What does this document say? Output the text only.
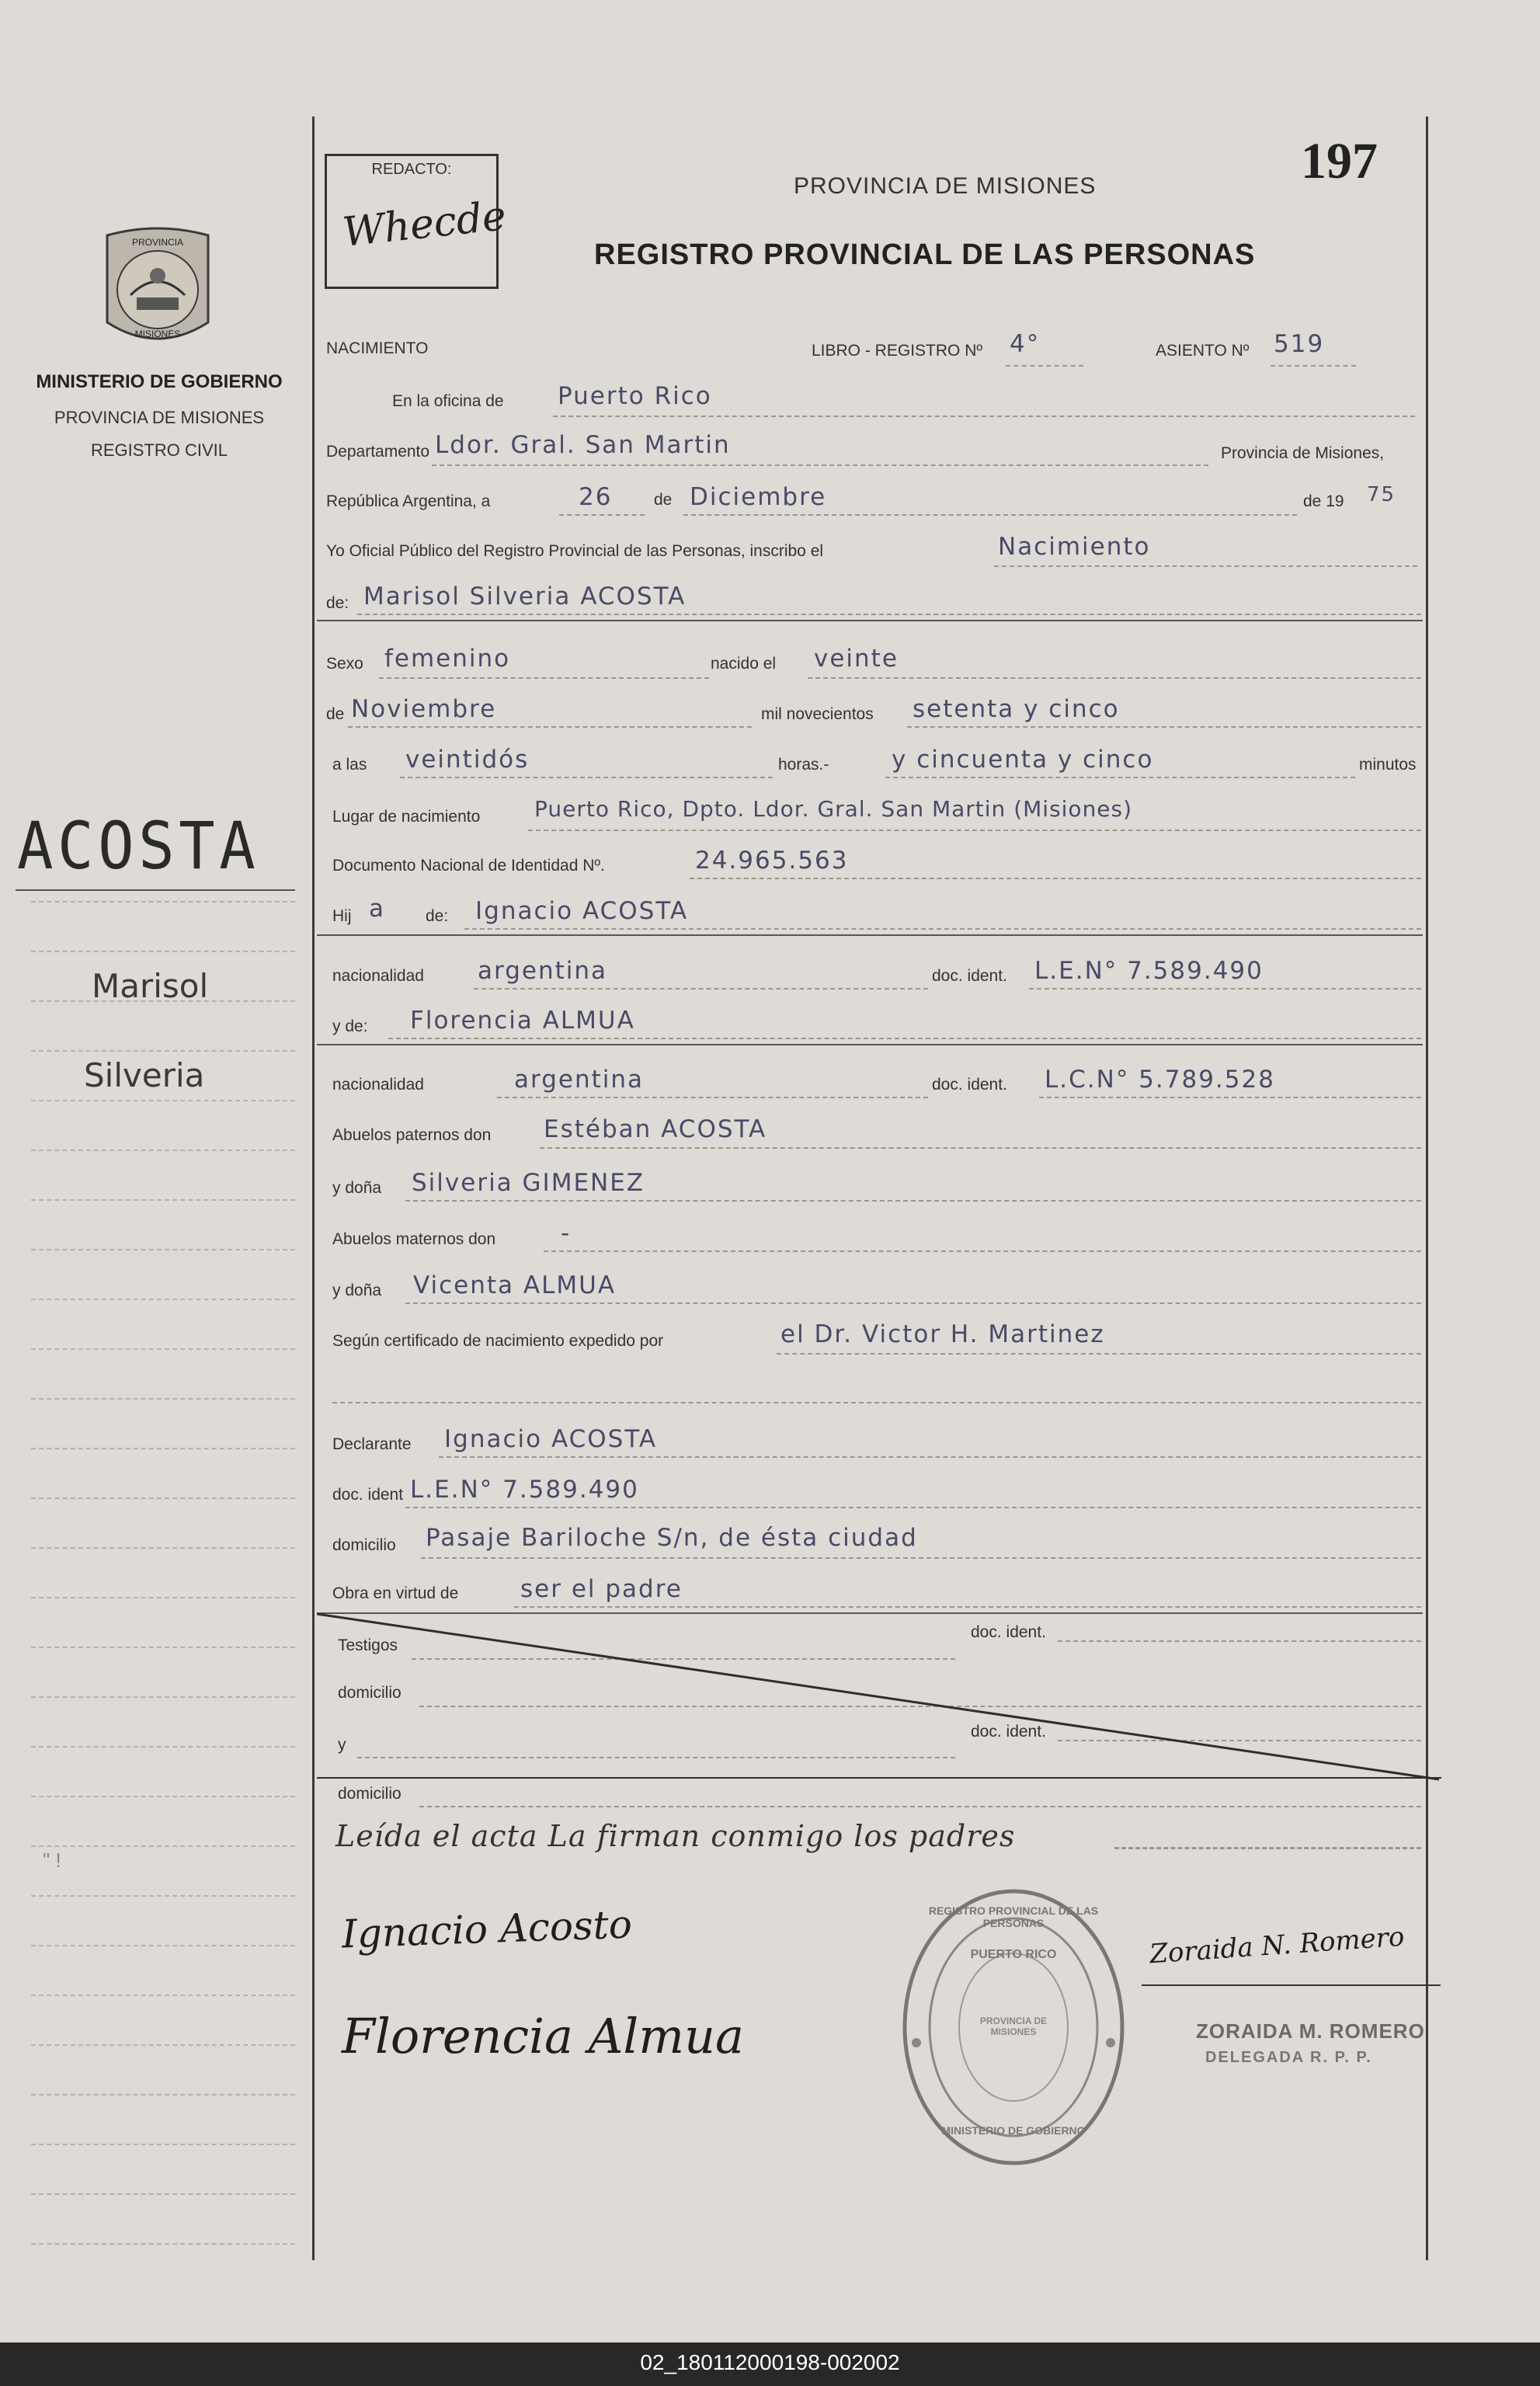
197
REDACTO:
Whecde
PROVINCIA
MISIONES
MINISTERIO DE GOBIERNO
PROVINCIA DE MISIONES
REGISTRO CIVIL
PROVINCIA DE MISIONES
REGISTRO PROVINCIAL DE LAS PERSONAS
ACOSTA
Marisol
Silveria
" !
NACIMIENTO	LIBRO - REGISTRO Nº 4°	ASIENTO Nº 519
En la oficina de Puerto Rico
Departamento Ldor. Gral. San Martin	Provincia de Misiones,
República Argentina, a	26	de Diciembre	de 19 75
Yo Oficial Público del Registro Provincial de las Personas, inscribo el	Nacimiento
de: Marisol Silveria ACOSTA
Sexo femenino	nacido el veinte
de Noviembre	mil novecientos setenta y cinco
a las veintidós	horas.-	y cincuenta y cinco	minutos
Lugar de nacimiento Puerto Rico, Dpto. Ldor. Gral. San Martin (Misiones)
Documento Nacional de Identidad Nº.	24.965.563
Hij a de: Ignacio ACOSTA
nacionalidad argentina	doc. ident. L.E.N° 7.589.490
y de: Florencia ALMUA
nacionalidad	argentina	doc. ident. L.C.N° 5.789.528
Abuelos paternos don Estéban ACOSTA
y doña Silveria GIMENEZ
Abuelos maternos don	-
y doña Vicenta ALMUA
Según certificado de nacimiento expedido por	el Dr. Victor H. Martinez
Declarante Ignacio ACOSTA
doc. ident L.E.N° 7.589.490
domicilio Pasaje Bariloche S/n, de ésta ciudad
Obra en virtud de	ser el padre
Testigos
doc. ident.
domicilio
y
doc. ident.
domicilio
Leída el acta La firman conmigo los padres
Ignacio Acosto
Florencia Almua
Zoraida N. Romero
REGISTRO PROVINCIAL DE LAS PERSONAS
PUERTO RICO
PROVINCIA DE MISIONES
MINISTERIO DE GOBIERNO
ZORAIDA M. ROMERO
DELEGADA R. P. P.
02_180112000198-002002
